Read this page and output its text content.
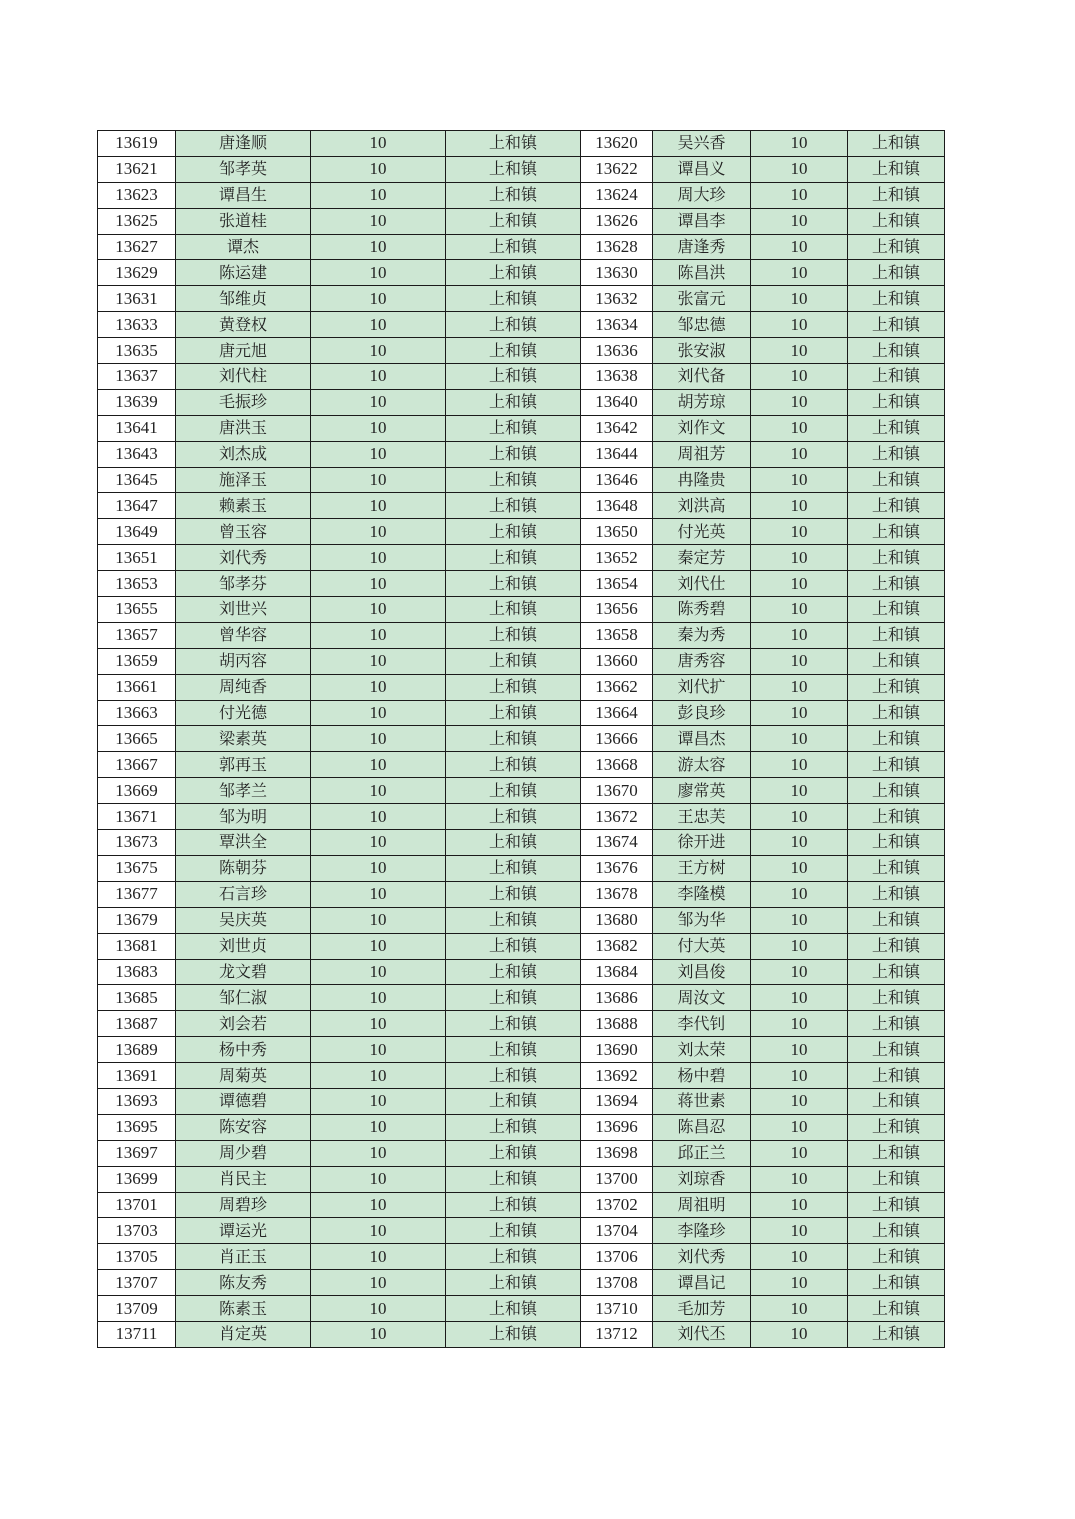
13619	唐逢顺	10	上和镇	13620	吴兴香	10	上和镇
13621	邹孝英	10	上和镇	13622	谭昌义	10	上和镇
13623	谭昌生	10	上和镇	13624	周大珍	10	上和镇
13625	张道桂	10	上和镇	13626	谭昌李	10	上和镇
13627	谭杰	10	上和镇	13628	唐逢秀	10	上和镇
13629	陈运建	10	上和镇	13630	陈昌洪	10	上和镇
13631	邹维贞	10	上和镇	13632	张富元	10	上和镇
13633	黄登权	10	上和镇	13634	邹忠德	10	上和镇
13635	唐元旭	10	上和镇	13636	张安淑	10	上和镇
13637	刘代柱	10	上和镇	13638	刘代备	10	上和镇
13639	毛振珍	10	上和镇	13640	胡芳琼	10	上和镇
13641	唐洪玉	10	上和镇	13642	刘作文	10	上和镇
13643	刘杰成	10	上和镇	13644	周祖芳	10	上和镇
13645	施泽玉	10	上和镇	13646	冉隆贵	10	上和镇
13647	赖素玉	10	上和镇	13648	刘洪高	10	上和镇
13649	曾玉容	10	上和镇	13650	付光英	10	上和镇
13651	刘代秀	10	上和镇	13652	秦定芳	10	上和镇
13653	邹孝芬	10	上和镇	13654	刘代仕	10	上和镇
13655	刘世兴	10	上和镇	13656	陈秀碧	10	上和镇
13657	曾华容	10	上和镇	13658	秦为秀	10	上和镇
13659	胡丙容	10	上和镇	13660	唐秀容	10	上和镇
13661	周纯香	10	上和镇	13662	刘代扩	10	上和镇
13663	付光德	10	上和镇	13664	彭良珍	10	上和镇
13665	梁素英	10	上和镇	13666	谭昌杰	10	上和镇
13667	郭再玉	10	上和镇	13668	游太容	10	上和镇
13669	邹孝兰	10	上和镇	13670	廖常英	10	上和镇
13671	邹为明	10	上和镇	13672	王忠芙	10	上和镇
13673	覃洪全	10	上和镇	13674	徐开进	10	上和镇
13675	陈朝芬	10	上和镇	13676	王方树	10	上和镇
13677	石言珍	10	上和镇	13678	李隆模	10	上和镇
13679	吴庆英	10	上和镇	13680	邹为华	10	上和镇
13681	刘世贞	10	上和镇	13682	付大英	10	上和镇
13683	龙文碧	10	上和镇	13684	刘昌俊	10	上和镇
13685	邹仁淑	10	上和镇	13686	周汝文	10	上和镇
13687	刘会若	10	上和镇	13688	李代钊	10	上和镇
13689	杨中秀	10	上和镇	13690	刘太荣	10	上和镇
13691	周菊英	10	上和镇	13692	杨中碧	10	上和镇
13693	谭德碧	10	上和镇	13694	蒋世素	10	上和镇
13695	陈安容	10	上和镇	13696	陈昌忍	10	上和镇
13697	周少碧	10	上和镇	13698	邱正兰	10	上和镇
13699	肖民主	10	上和镇	13700	刘琼香	10	上和镇
13701	周碧珍	10	上和镇	13702	周祖明	10	上和镇
13703	谭运光	10	上和镇	13704	李隆珍	10	上和镇
13705	肖正玉	10	上和镇	13706	刘代秀	10	上和镇
13707	陈友秀	10	上和镇	13708	谭昌记	10	上和镇
13709	陈素玉	10	上和镇	13710	毛加芳	10	上和镇
13711	肖定英	10	上和镇	13712	刘代丕	10	上和镇
